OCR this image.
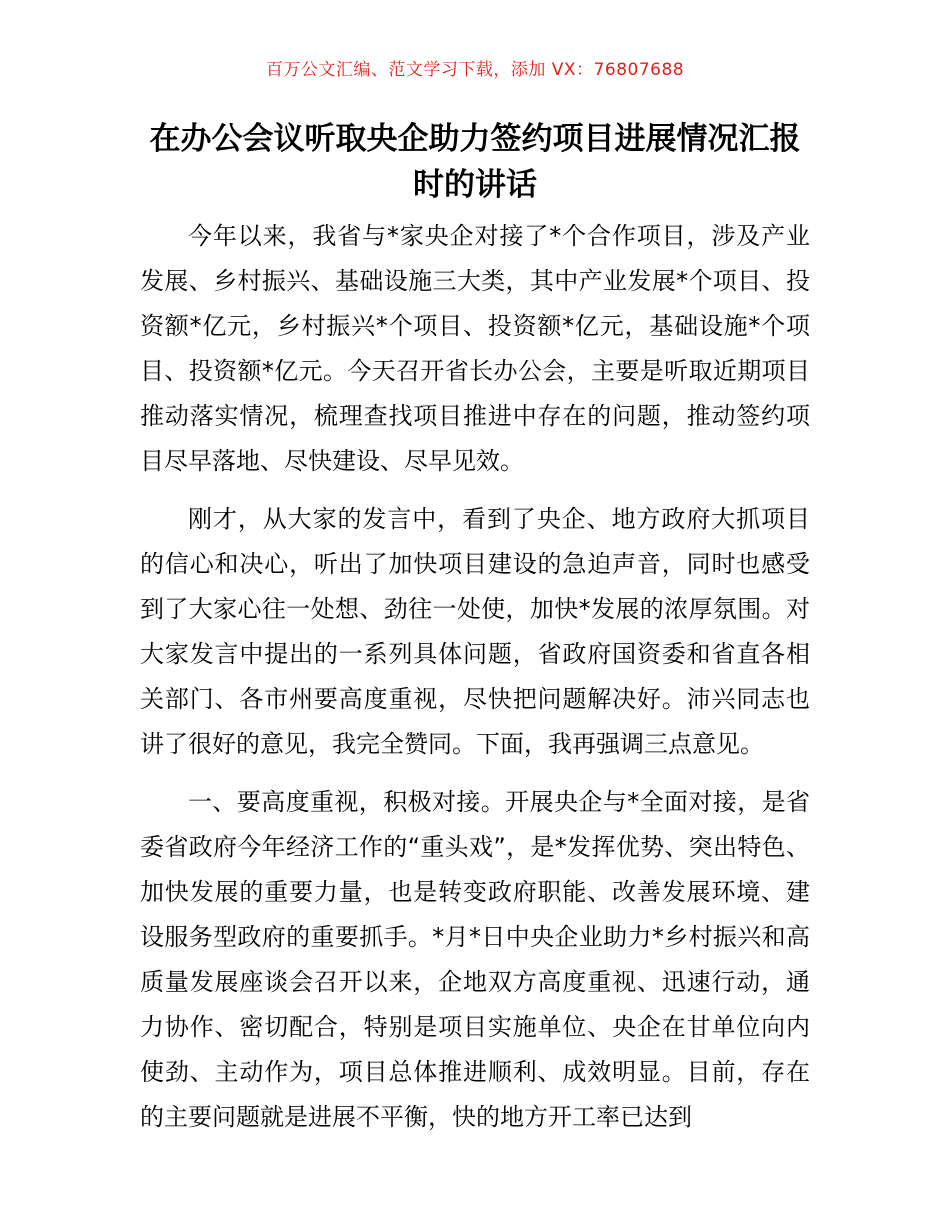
百万公文汇编、范文学习下载，添加 VX：76807688
在办公会议听取央企助力签约项目进展情况汇报时的讲话

今年以来，我省与*家央企对接了*个合作项目，涉及产业发展、乡村振兴、基础设施三大类，其中产业发展*个项目、投资额*亿元，乡村振兴*个项目、投资额*亿元，基础设施*个项目、投资额*亿元。今天召开省长办公会，主要是听取近期项目推动落实情况，梳理查找项目推进中存在的问题，推动签约项目尽早落地、尽快建设、尽早见效。

刚才，从大家的发言中，看到了央企、地方政府大抓项目的信心和决心，听出了加快项目建设的急迫声音，同时也感受到了大家心往一处想、劲往一处使，加快*发展的浓厚氛围。对大家发言中提出的一系列具体问题，省政府国资委和省直各相关部门、各市州要高度重视，尽快把问题解决好。沛兴同志也讲了很好的意见，我完全赞同。下面，我再强调三点意见。

一、要高度重视，积极对接。开展央企与*全面对接，是省委省政府今年经济工作的“重头戏”，是*发挥优势、突出特色、加快发展的重要力量，也是转变政府职能、改善发展环境、建设服务型政府的重要抓手。*月*日中央企业助力*乡村振兴和高质量发展座谈会召开以来，企地双方高度重视、迅速行动，通力协作、密切配合，特别是项目实施单位、央企在甘单位向内使劲、主动作为，项目总体推进顺利、成效明显。目前，存在的主要问题就是进展不平衡，快的地方开工率已达到
